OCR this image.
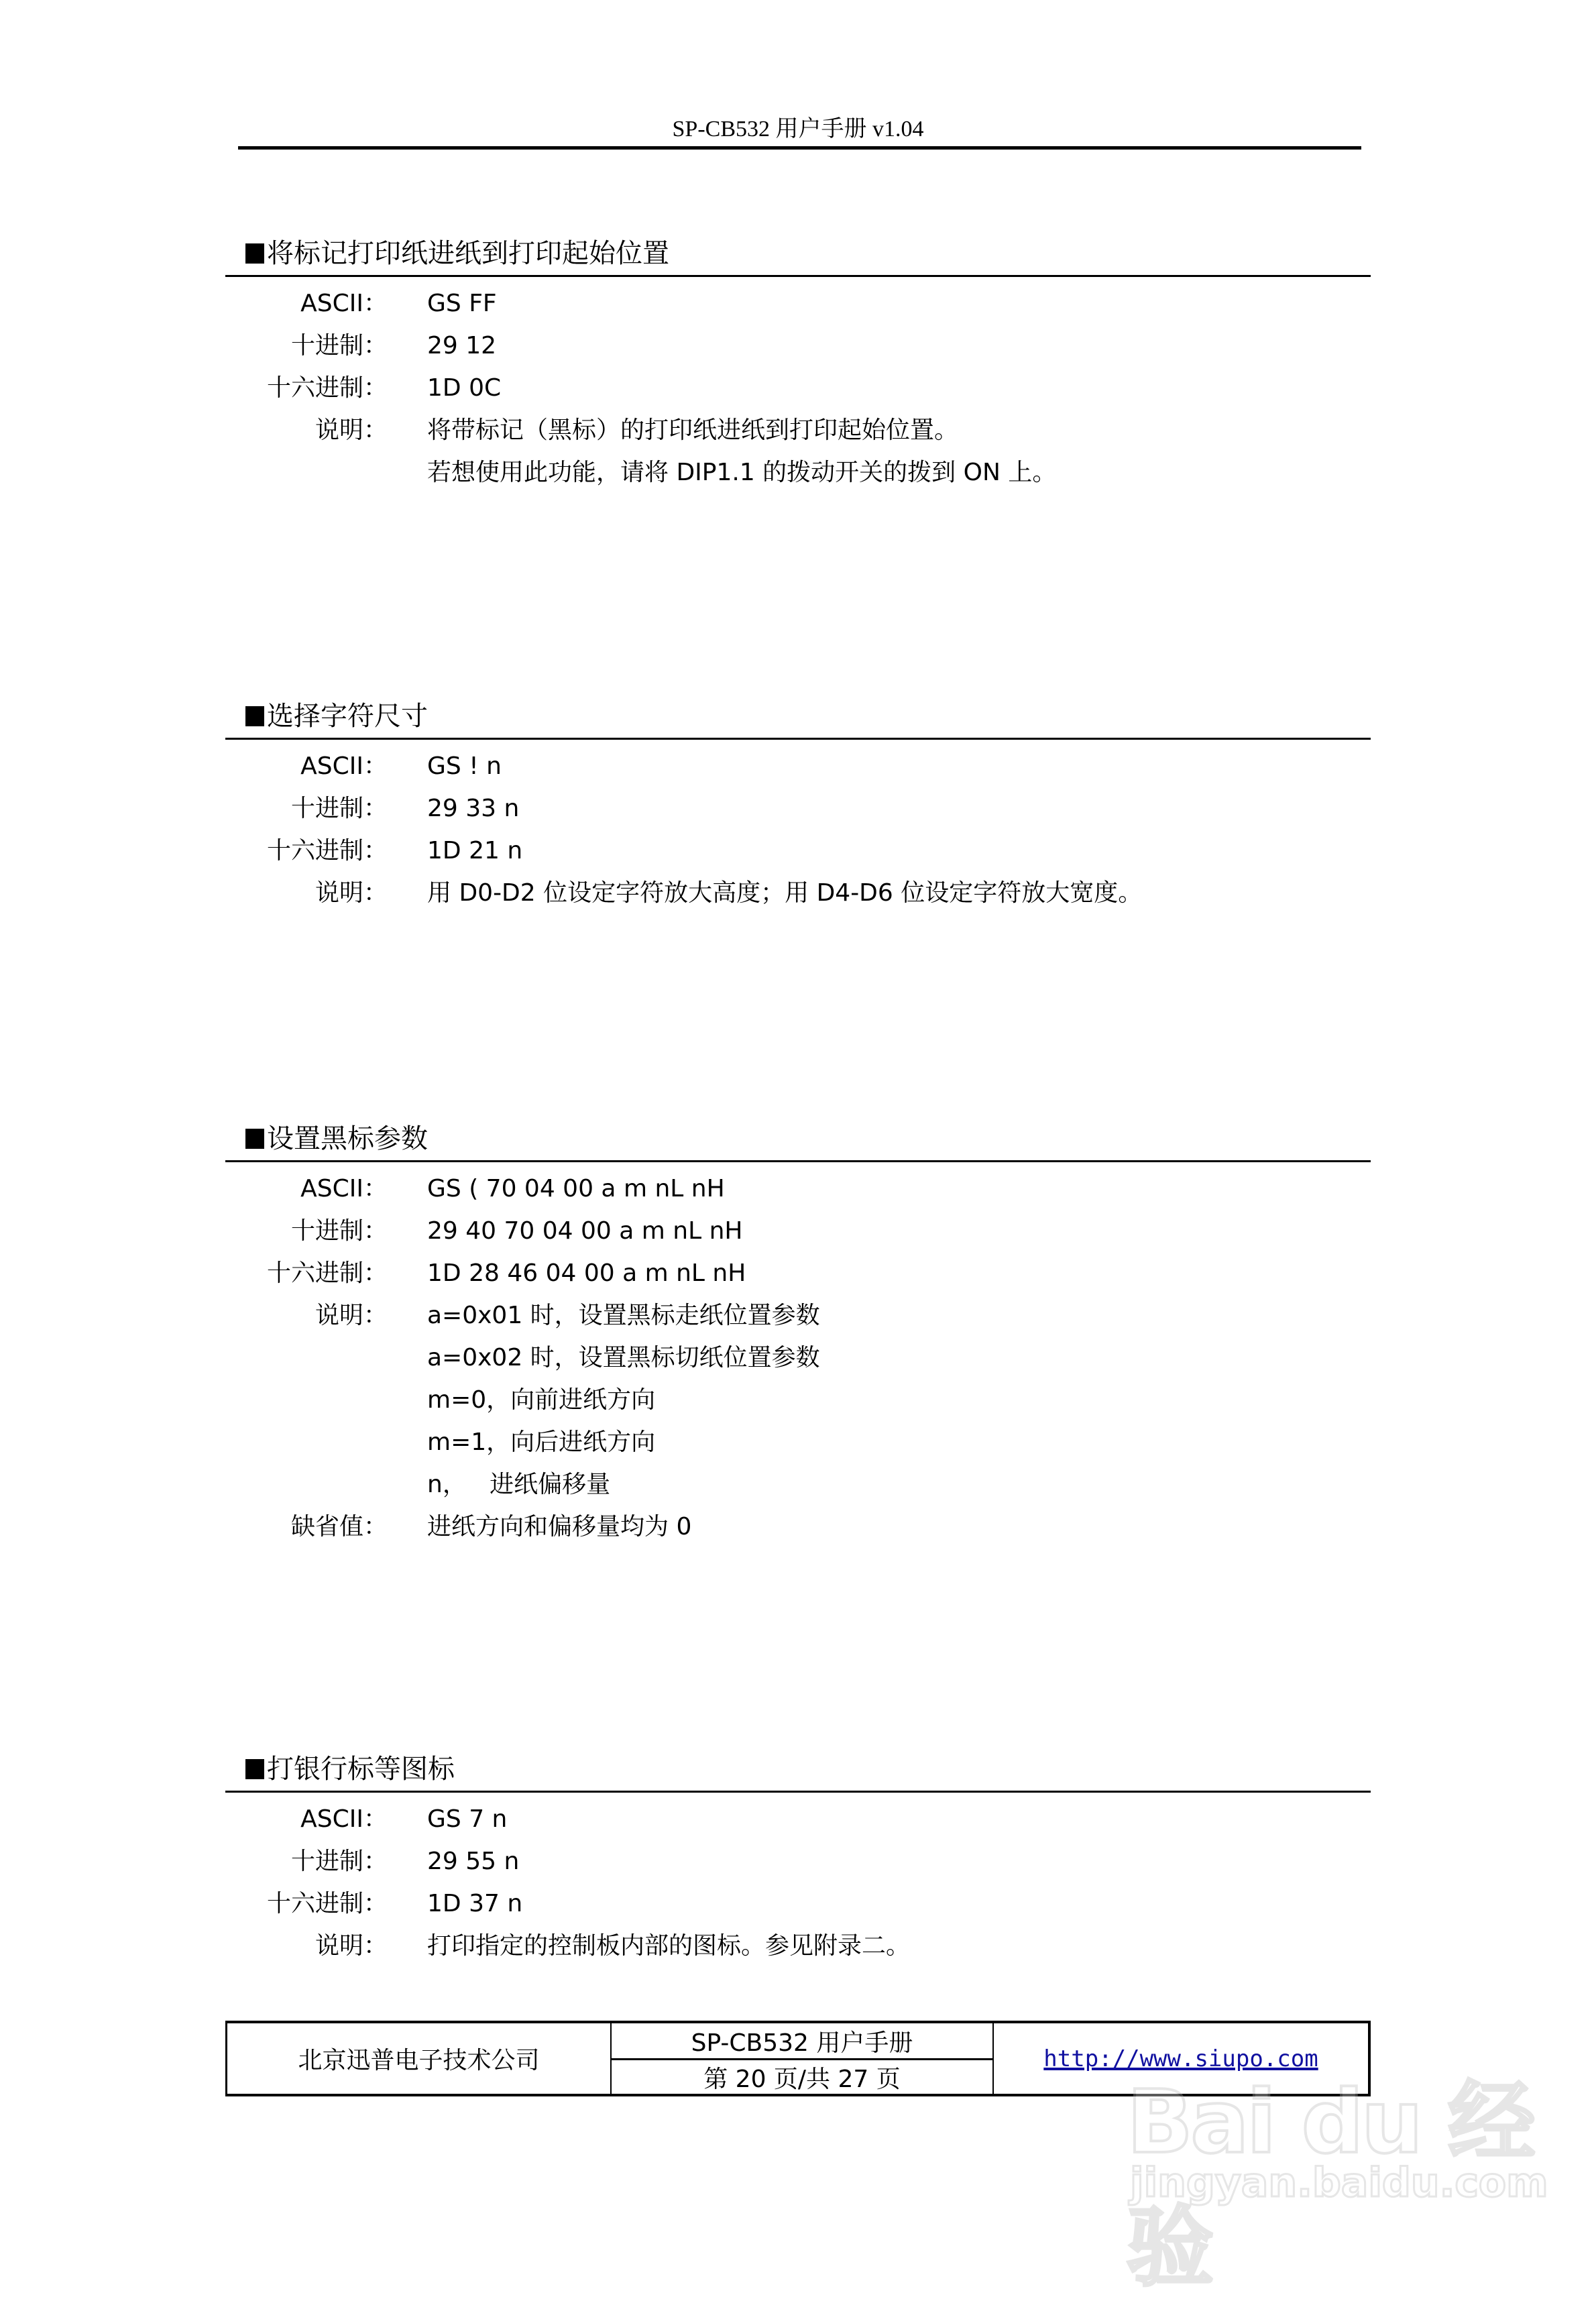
SP-CB532 用户手册 v1.04
将标记打印纸进纸到打印起始位置
ASCII： GS FF
十进制： 29 12
十六进制： 1D 0C
说明： 将带标记（黑标）的打印纸进纸到打印起始位置。
若想使用此功能，请将 DIP1.1 的拨动开关的拨到 ON 上。
选择字符尺寸
ASCII： GS ! n
十进制： 29 33 n
十六进制： 1D 21 n
说明： 用 D0-D2 位设定字符放大高度；用 D4-D6 位设定字符放大宽度。
设置黑标参数
ASCII： GS ( 70 04 00 a m nL nH
十进制： 29 40 70 04 00 a m nL nH
十六进制： 1D 28 46 04 00 a m nL nH
说明： a=0x01 时，设置黑标走纸位置参数
a=0x02 时，设置黑标切纸位置参数
m=0，向前进纸方向
m=1，向后进纸方向
n，   进纸偏移量
缺省值： 进纸方向和偏移量均为 0
打银行标等图标
ASCII： GS 7 n
十进制： 29 55 n
十六进制： 1D 37 n
说明： 打印指定的控制板内部的图标。参见附录二。
北京迅普电子技术公司
SP-CB532 用户手册
第 20 页/共 27 页
http://www.siupo.com
Bai du 经验
jingyan.baidu.com
